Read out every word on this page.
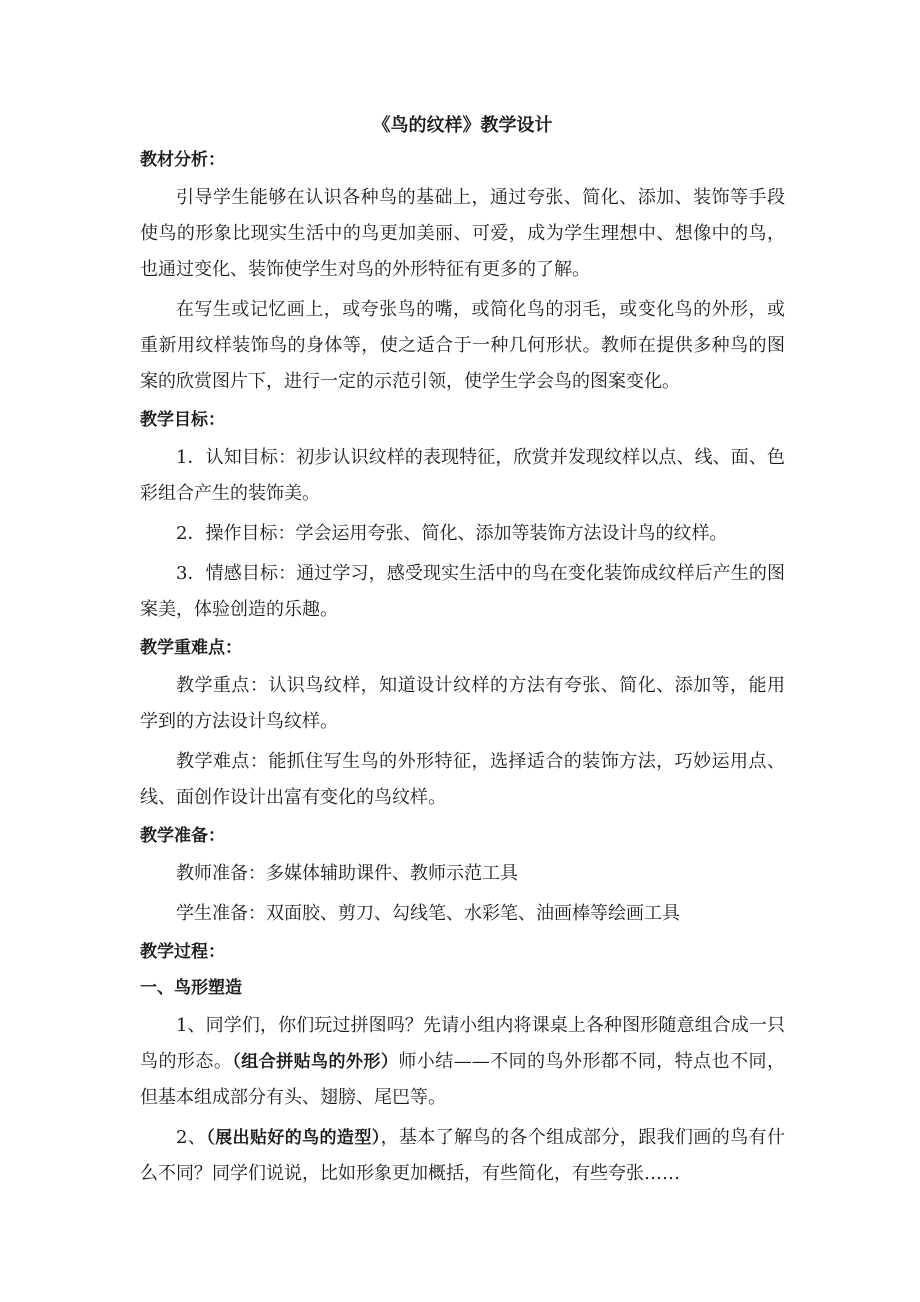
《鸟的纹样》教学设计
教材分析：

引导学生能够在认识各种鸟的基础上，通过夸张、简化、添加、装饰等手段使鸟的形象比现实生活中的鸟更加美丽、可爱，成为学生理想中、想像中的鸟，也通过变化、装饰使学生对鸟的外形特征有更多的了解。

在写生或记忆画上，或夸张鸟的嘴，或简化鸟的羽毛，或变化鸟的外形，或重新用纹样装饰鸟的身体等，使之适合于一种几何形状。教师在提供多种鸟的图案的欣赏图片下，进行一定的示范引领，使学生学会鸟的图案变化。

教学目标：

1．认知目标：初步认识纹样的表现特征，欣赏并发现纹样以点、线、面、色彩组合产生的装饰美。

2．操作目标：学会运用夸张、简化、添加等装饰方法设计鸟的纹样。

3．情感目标：通过学习，感受现实生活中的鸟在变化装饰成纹样后产生的图案美，体验创造的乐趣。

教学重难点：

教学重点：认识鸟纹样，知道设计纹样的方法有夸张、简化、添加等，能用学到的方法设计鸟纹样。

教学难点：能抓住写生鸟的外形特征，选择适合的装饰方法，巧妙运用点、线、面创作设计出富有变化的鸟纹样。

教学准备：

教师准备：多媒体辅助课件、教师示范工具

学生准备：双面胶、剪刀、勾线笔、水彩笔、油画棒等绘画工具

教学过程：
一、鸟形塑造

1、同学们，你们玩过拼图吗？先请小组内将课桌上各种图形随意组合成一只鸟的形态。（组合拼贴鸟的外形）师小结——不同的鸟外形都不同，特点也不同，但基本组成部分有头、翅膀、尾巴等。

2、（展出贴好的鸟的造型），基本了解鸟的各个组成部分，跟我们画的鸟有什么不同？同学们说说，比如形象更加概括，有些简化，有些夸张……
